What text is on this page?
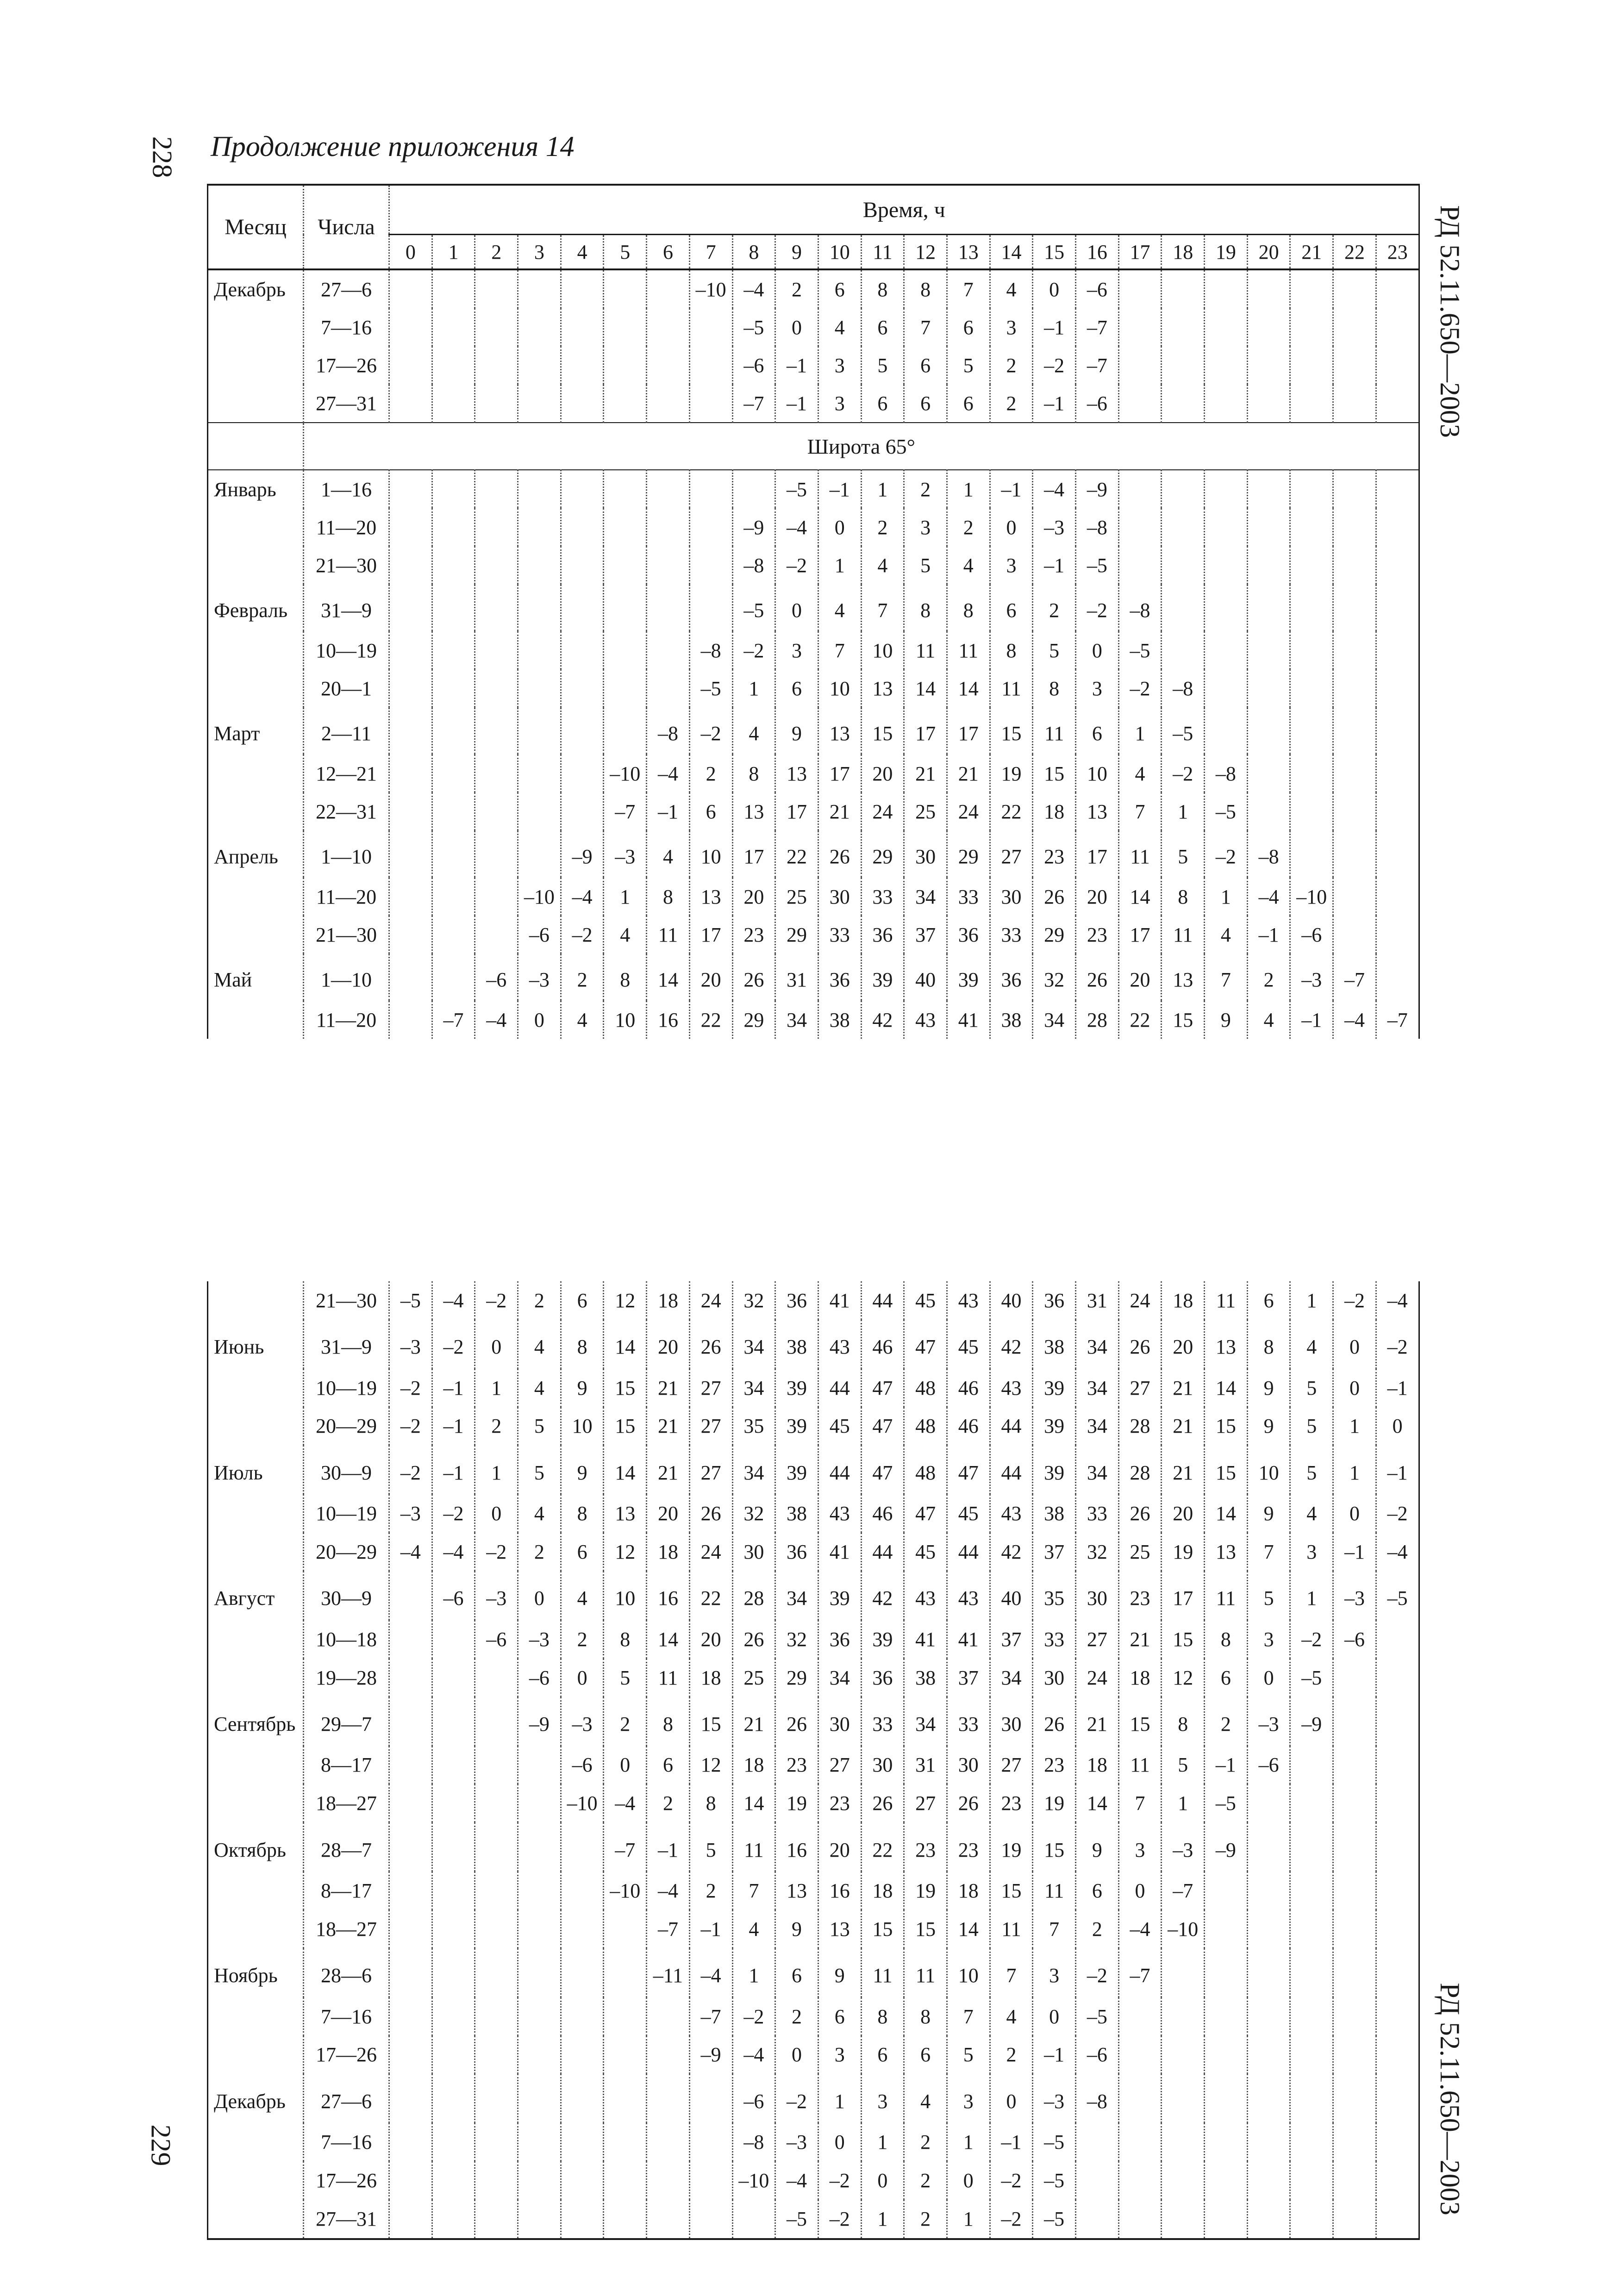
228
229
РД 52.11.650—2003
РД 52.11.650—2003
Продолжение приложения 14
Месяц	Числа	Время, ч																							
		0	1	2	3	4	5	6	7	8	9	10	11	12	13	14	15	16	17	18	19	20	21	22	23
Декабрь	27—6								–10	–4	2	6	8	8	7	4	0	–6							
	7—16									–5	0	4	6	7	6	3	–1	–7							
	17—26									–6	–1	3	5	6	5	2	–2	–7							
	27—31									–7	–1	3	6	6	6	2	–1	–6							
	Широта 65°																								
Январь	1—16										–5	–1	1	2	1	–1	–4	–9							
	11—20									–9	–4	0	2	3	2	0	–3	–8							
	21—30									–8	–2	1	4	5	4	3	–1	–5							
Февраль	31—9									–5	0	4	7	8	8	6	2	–2	–8						
	10—19								–8	–2	3	7	10	11	11	8	5	0	–5						
	20—1								–5	1	6	10	13	14	14	11	8	3	–2	–8					
Март	2—11							–8	–2	4	9	13	15	17	17	15	11	6	1	–5					
	12—21						–10	–4	2	8	13	17	20	21	21	19	15	10	4	–2	–8				
	22—31						–7	–1	6	13	17	21	24	25	24	22	18	13	7	1	–5				
Апрель	1—10					–9	–3	4	10	17	22	26	29	30	29	27	23	17	11	5	–2	–8			
	11—20				–10	–4	1	8	13	20	25	30	33	34	33	30	26	20	14	8	1	–4	–10		
	21—30				–6	–2	4	11	17	23	29	33	36	37	36	33	29	23	17	11	4	–1	–6		
Май	1—10			–6	–3	2	8	14	20	26	31	36	39	40	39	36	32	26	20	13	7	2	–3	–7	
	11—20		–7	–4	0	4	10	16	22	29	34	38	42	43	41	38	34	28	22	15	9	4	–1	–4	–7
	21—30	–5	–4	–2	2	6	12	18	24	32	36	41	44	45	43	40	36	31	24	18	11	6	1	–2	–4
Июнь	31—9	–3	–2	0	4	8	14	20	26	34	38	43	46	47	45	42	38	34	26	20	13	8	4	0	–2
	10—19	–2	–1	1	4	9	15	21	27	34	39	44	47	48	46	43	39	34	27	21	14	9	5	0	–1
	20—29	–2	–1	2	5	10	15	21	27	35	39	45	47	48	46	44	39	34	28	21	15	9	5	1	0
Июль	30—9	–2	–1	1	5	9	14	21	27	34	39	44	47	48	47	44	39	34	28	21	15	10	5	1	–1
	10—19	–3	–2	0	4	8	13	20	26	32	38	43	46	47	45	43	38	33	26	20	14	9	4	0	–2
	20—29	–4	–4	–2	2	6	12	18	24	30	36	41	44	45	44	42	37	32	25	19	13	7	3	–1	–4
Август	30—9		–6	–3	0	4	10	16	22	28	34	39	42	43	43	40	35	30	23	17	11	5	1	–3	–5
	10—18			–6	–3	2	8	14	20	26	32	36	39	41	41	37	33	27	21	15	8	3	–2	–6	
	19—28				–6	0	5	11	18	25	29	34	36	38	37	34	30	24	18	12	6	0	–5		
Сентябрь	29—7				–9	–3	2	8	15	21	26	30	33	34	33	30	26	21	15	8	2	–3	–9		
	8—17					–6	0	6	12	18	23	27	30	31	30	27	23	18	11	5	–1	–6			
	18—27					–10	–4	2	8	14	19	23	26	27	26	23	19	14	7	1	–5				
Октябрь	28—7						–7	–1	5	11	16	20	22	23	23	19	15	9	3	–3	–9				
	8—17						–10	–4	2	7	13	16	18	19	18	15	11	6	0	–7					
	18—27							–7	–1	4	9	13	15	15	14	11	7	2	–4	–10					
Ноябрь	28—6							–11	–4	1	6	9	11	11	10	7	3	–2	–7						
	7—16								–7	–2	2	6	8	8	7	4	0	–5							
	17—26								–9	–4	0	3	6	6	5	2	–1	–6							
Декабрь	27—6									–6	–2	1	3	4	3	0	–3	–8							
	7—16									–8	–3	0	1	2	1	–1	–5								
	17—26									–10	–4	–2	0	2	0	–2	–5								
	27—31										–5	–2	1	2	1	–2	–5								
